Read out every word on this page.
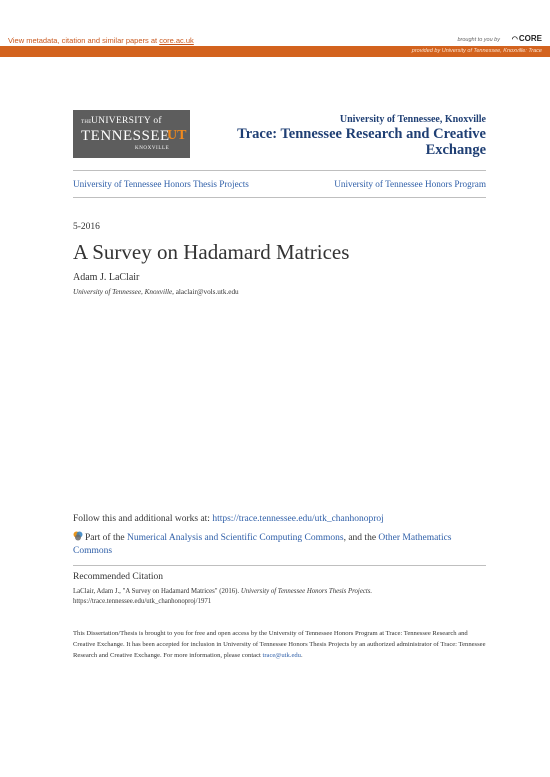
View metadata, citation and similar papers at core.ac.uk	brought to you by ◠CORE
provided by University of Tennessee, Knoxville: Trace
THE UNIVERSITY of
TENNESSEE
UT
KNOXVILLE
University of Tennessee, Knoxville
Trace: Tennessee Research and Creative
Exchange
University of Tennessee Honors Thesis Projects	University of Tennessee Honors Program
5-2016
A Survey on Hadamard Matrices
Adam J. LaClair
University of Tennessee, Knoxville, alaclair@vols.utk.edu
Follow this and additional works at: https://trace.tennessee.edu/utk_chanhonoproj
Part of the Numerical Analysis and Scientific Computing Commons, and the Other Mathematics
Commons
Recommended Citation
LaClair, Adam J., "A Survey on Hadamard Matrices" (2016). University of Tennessee Honors Thesis Projects.
https://trace.tennessee.edu/utk_chanhonoproj/1971
This Dissertation/Thesis is brought to you for free and open access by the University of Tennessee Honors Program at Trace: Tennessee Research and Creative Exchange. It has been accepted for inclusion in University of Tennessee Honors Thesis Projects by an authorized administrator of Trace: Tennessee Research and Creative Exchange. For more information, please contact trace@utk.edu.
